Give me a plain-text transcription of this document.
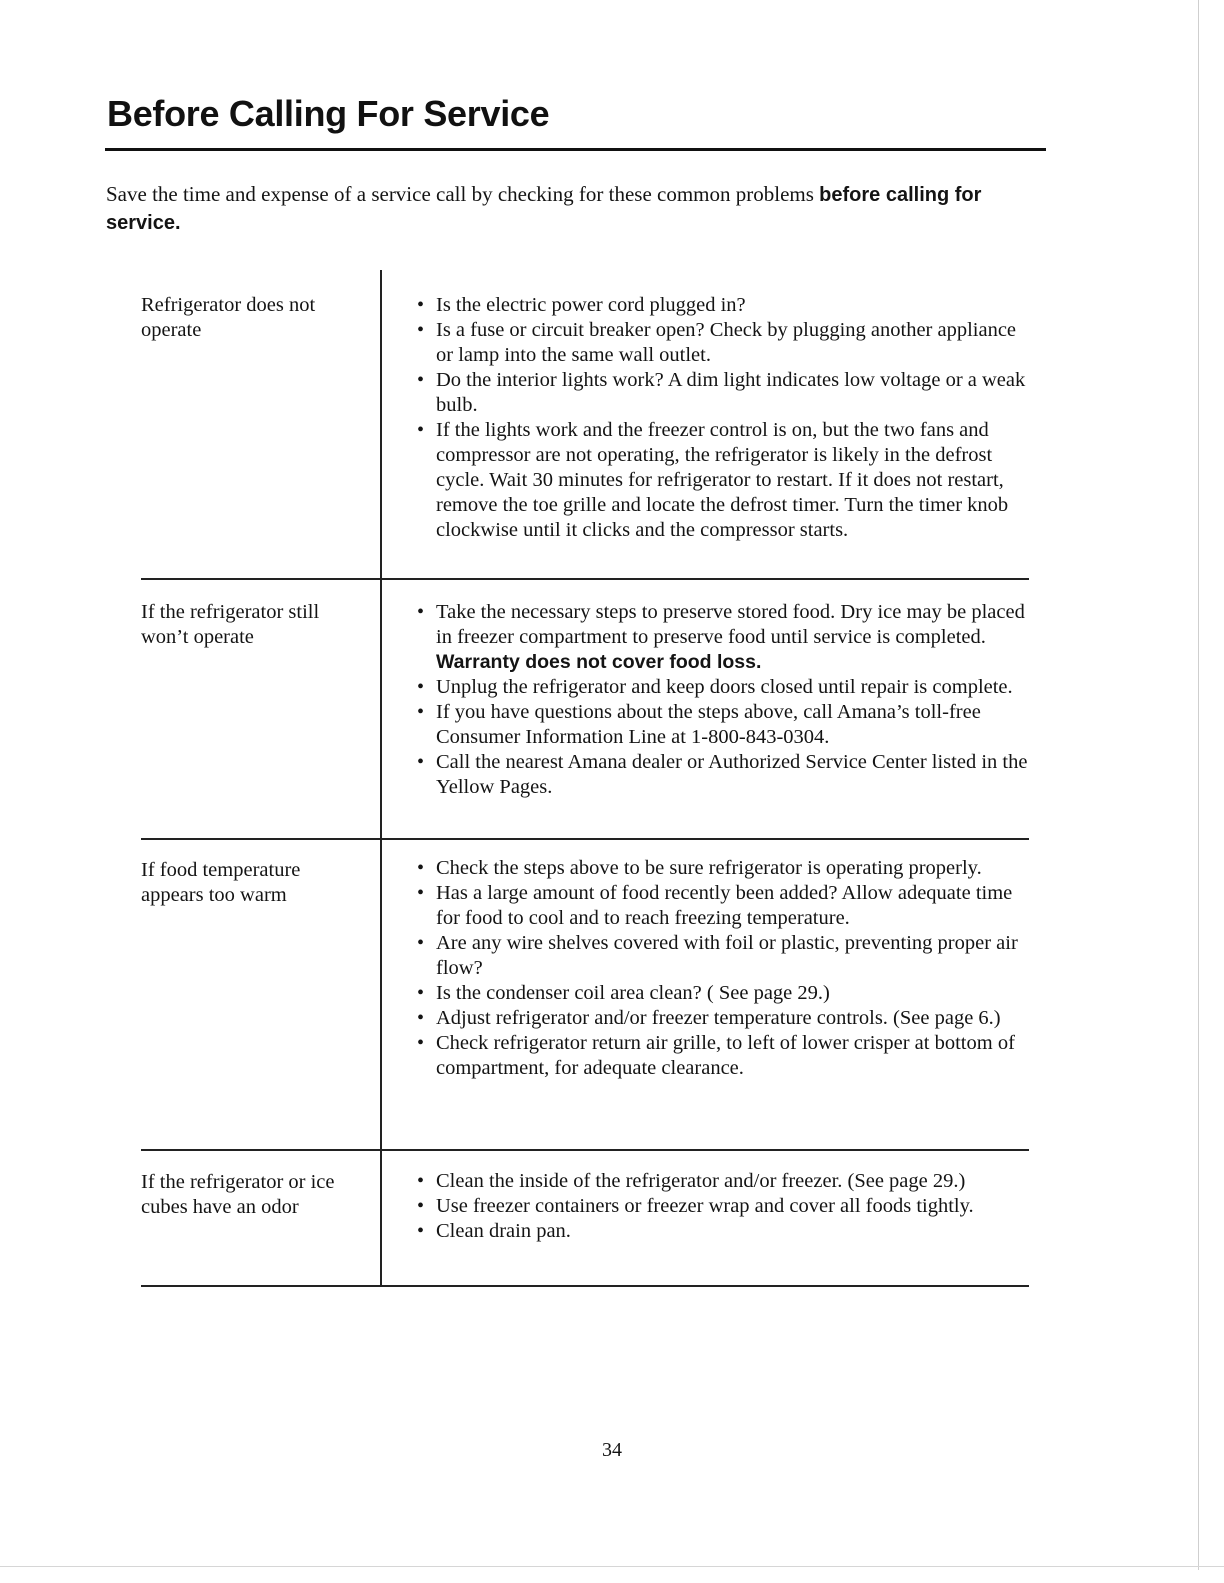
Before Calling For Service

Save the time and expense of a service call by checking for these common problems before calling for service.

Refrigerator does not operate

• Is the electric power cord plugged in?
• Is a fuse or circuit breaker open? Check by plugging another appliance or lamp into the same wall outlet.
• Do the interior lights work? A dim light indicates low voltage or a weak bulb.
• If the lights work and the freezer control is on, but the two fans and compressor are not operating, the refrigerator is likely in the defrost cycle. Wait 30 minutes for refrigerator to restart. If it does not restart, remove the toe grille and locate the defrost timer. Turn the timer knob clockwise until it clicks and the compressor starts.

If the refrigerator still won’t operate

• Take the necessary steps to preserve stored food. Dry ice may be placed in freezer compartment to preserve food until service is completed. Warranty does not cover food loss.
• Unplug the refrigerator and keep doors closed until repair is complete.
• If you have questions about the steps above, call Amana’s toll-free Consumer Information Line at 1-800-843-0304.
• Call the nearest Amana dealer or Authorized Service Center listed in the Yellow Pages.

If food temperature appears too warm

• Check the steps above to be sure refrigerator is operating properly.
• Has a large amount of food recently been added? Allow adequate time for food to cool and to reach freezing temperature.
• Are any wire shelves covered with foil or plastic, preventing proper air flow?
• Is the condenser coil area clean? ( See page 29.)
• Adjust refrigerator and/or freezer temperature controls. (See page 6.)
• Check refrigerator return air grille, to left of lower crisper at bottom of compartment, for adequate clearance.

If the refrigerator or ice cubes have an odor

• Clean the inside of the refrigerator and/or freezer. (See page 29.)
• Use freezer containers or freezer wrap and cover all foods tightly.
• Clean drain pan.
34
